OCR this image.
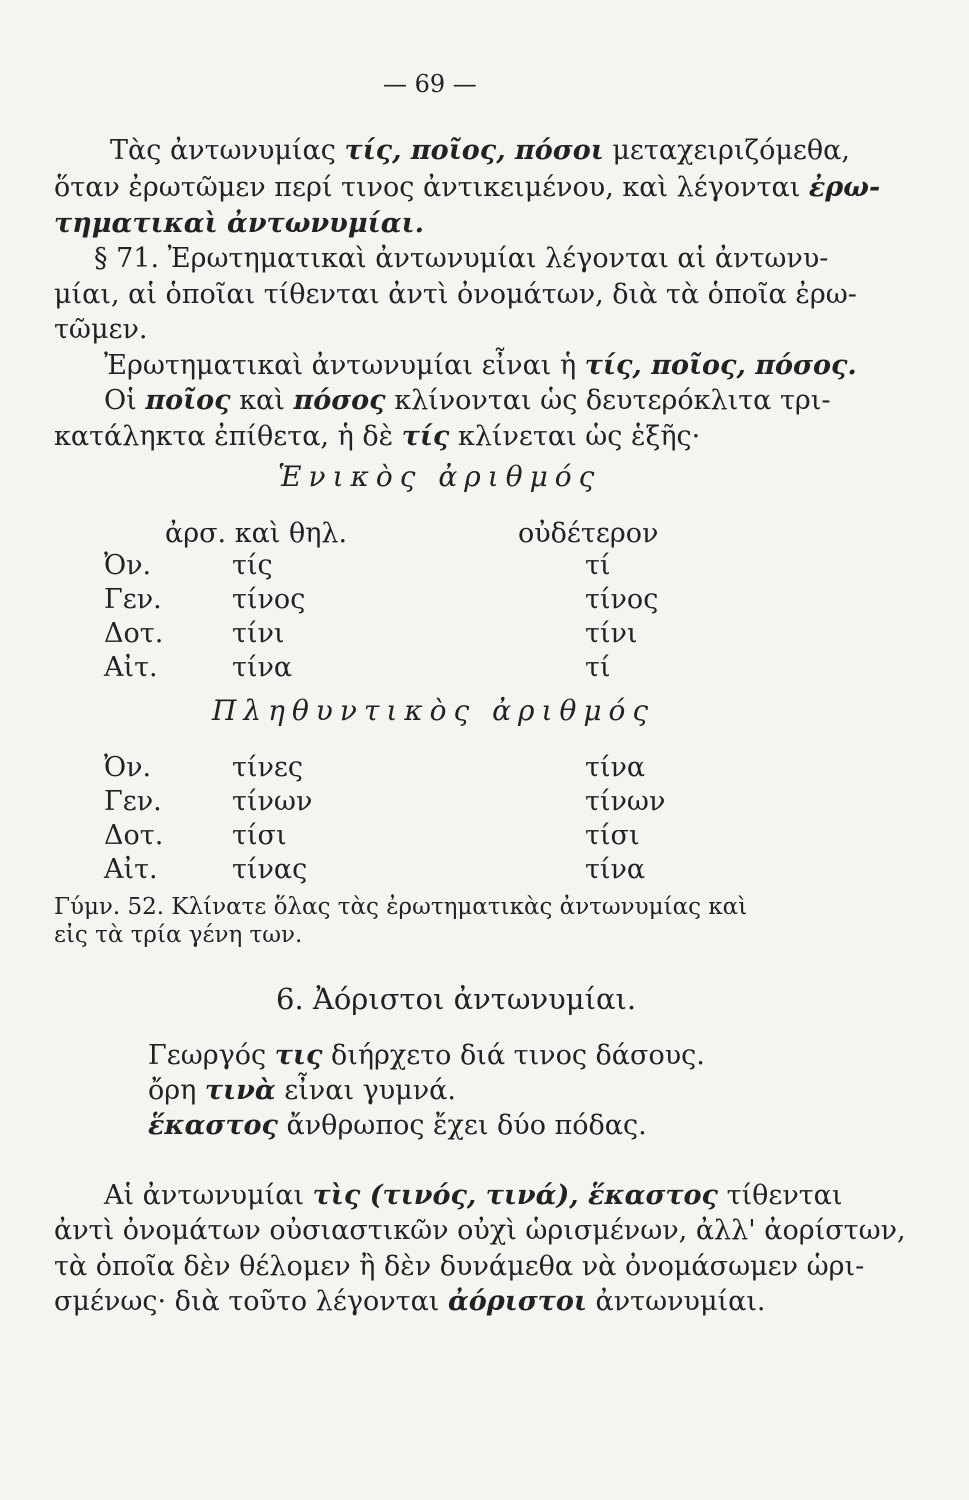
— 69 —
Τὰς ἀντωνυμίας τίς, ποῖος, πόσοι μεταχειριζόμεθα,
ὅταν ἐρωτῶμεν περί τινος ἀντικειμένου, καὶ λέγονται ἐρω-
τηματικαὶ ἀντωνυμίαι.
§ 71. Ἐρωτηματικαὶ ἀντωνυμίαι λέγονται αἱ ἀντωνυ-
μίαι, αἱ ὁποῖαι τίθενται ἀντὶ ὀνομάτων, διὰ τὰ ὁποῖα ἐρω-
τῶμεν.
Ἐρωτηματικαὶ ἀντωνυμίαι εἶναι ἡ τίς, ποῖος, πόσος.
Οἱ ποῖος καὶ πόσος κλίνονται ὡς δευτερόκλιτα τρι-
κατάληκτα ἐπίθετα, ἡ δὲ τίς κλίνεται ὡς ἑξῆς·
Ἑνικὸς ἀριθμός
ἀρσ. καὶ θηλ.	οὐδέτερον
Ὀν.	τίς	τί
Γεν.	τίνος	τίνος
Δοτ.	τίνι	τίνι
Αἰτ.	τίνα	τί
Πληθυντικὸς ἀριθμός
Ὀν.	τίνες	τίνα
Γεν.	τίνων	τίνων
Δοτ.	τίσι	τίσι
Αἰτ.	τίνας	τίνα
Γύμν. 52. Κλίνατε ὅλας τὰς ἐρωτηματικὰς ἀντωνυμίας καὶ
εἰς τὰ τρία γένη των.
6. Ἀόριστοι ἀντωνυμίαι.
Γεωργός τις διήρχετο διά τινος δάσους.
ὄρη τινὰ εἶναι γυμνά.
ἕκαστος ἄνθρωπος ἔχει δύο πόδας.
Αἱ ἀντωνυμίαι τὶς (τινός, τινά), ἕκαστος τίθενται
ἀντὶ ὀνομάτων οὐσιαστικῶν οὐχὶ ὡρισμένων, ἀλλ' ἀορίστων,
τὰ ὁποῖα δὲν θέλομεν ἢ δὲν δυνάμεθα νὰ ὀνομάσωμεν ὡρι-
σμένως· διὰ τοῦτο λέγονται ἀόριστοι ἀντωνυμίαι.
